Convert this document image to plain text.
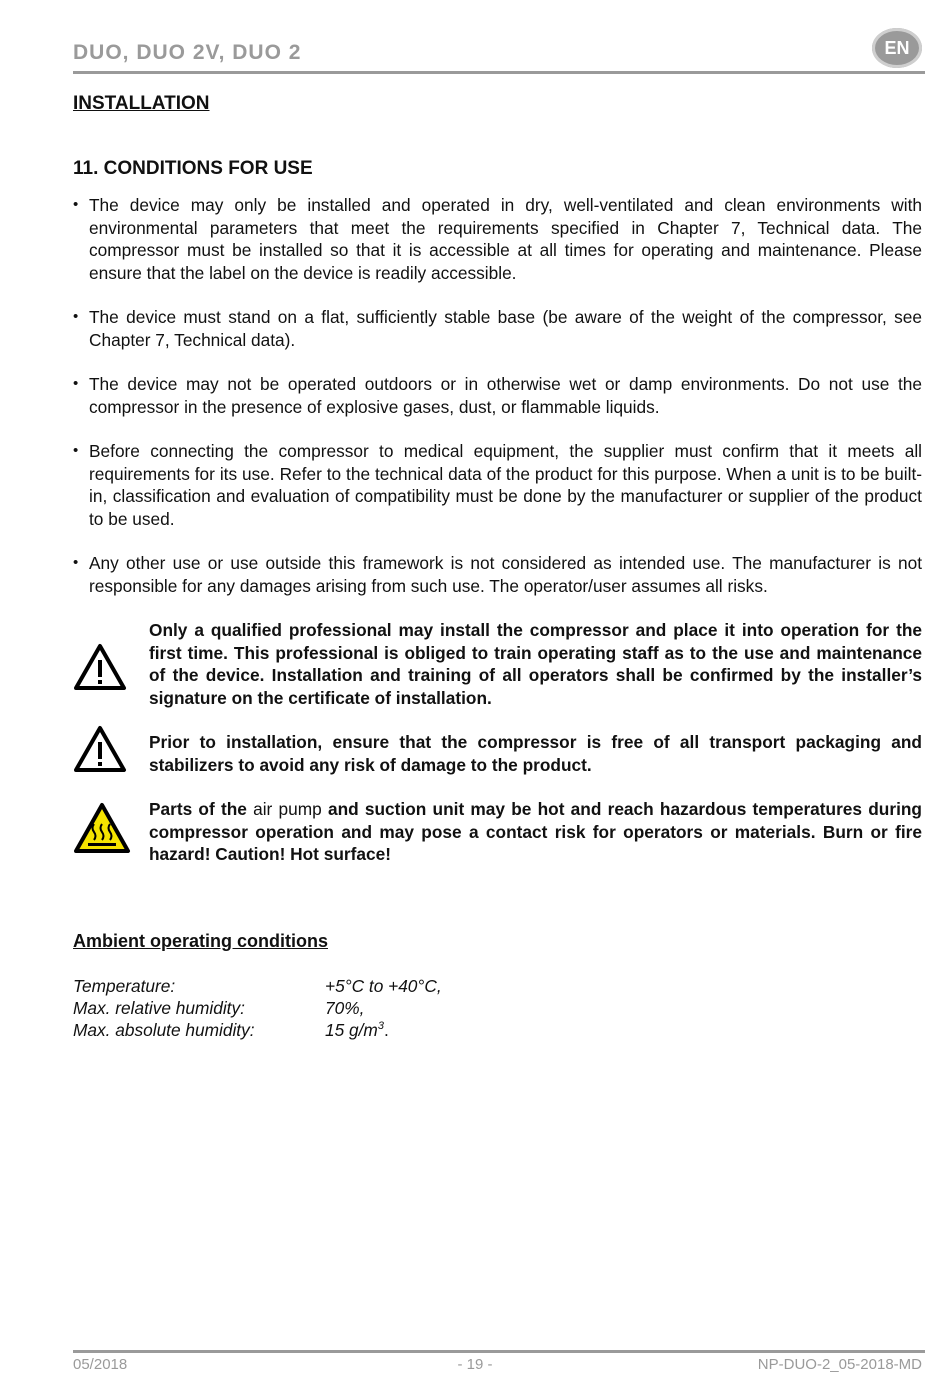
DUO, DUO 2V, DUO 2	EN
INSTALLATION
11. CONDITIONS FOR USE
• The device may only be installed and operated in dry, well-ventilated and clean environments with environmental parameters that meet the requirements specified in Chapter 7, Technical data. The compressor must be installed so that it is accessible at all times for operating and maintenance. Please ensure that the label on the device is readily accessible.
• The device must stand on a flat, sufficiently stable base (be aware of the weight of the compressor, see Chapter 7, Technical data).
• The device may not be operated outdoors or in otherwise wet or damp environments. Do not use the compressor in the presence of explosive gases, dust, or flammable liquids.
• Before connecting the compressor to medical equipment, the supplier must confirm that it meets all requirements for its use. Refer to the technical data of the product for this purpose. When a unit is to be built-in, classification and evaluation of compatibility must be done by the manufacturer or supplier of the product to be used.
• Any other use or use outside this framework is not considered as intended use. The manufacturer is not responsible for any damages arising from such use. The operator/user assumes all risks.
Only a qualified professional may install the compressor and place it into operation for the first time. This professional is obliged to train operating staff as to the use and maintenance of the device. Installation and training of all operators shall be confirmed by the installer’s signature on the certificate of installation.
Prior to installation, ensure that the compressor is free of all transport packaging and stabilizers to avoid any risk of damage to the product.
Parts of the air pump and suction unit may be hot and reach hazardous temperatures during compressor operation and may pose a contact risk for operators or materials. Burn or fire hazard! Caution! Hot surface!
Ambient operating conditions
Temperature:	+5°C to +40°C,
Max. relative humidity:	70%,
Max. absolute humidity:	15 $g/m^3$.
05/2018	- 19 -	NP-DUO-2_05-2018-MD
